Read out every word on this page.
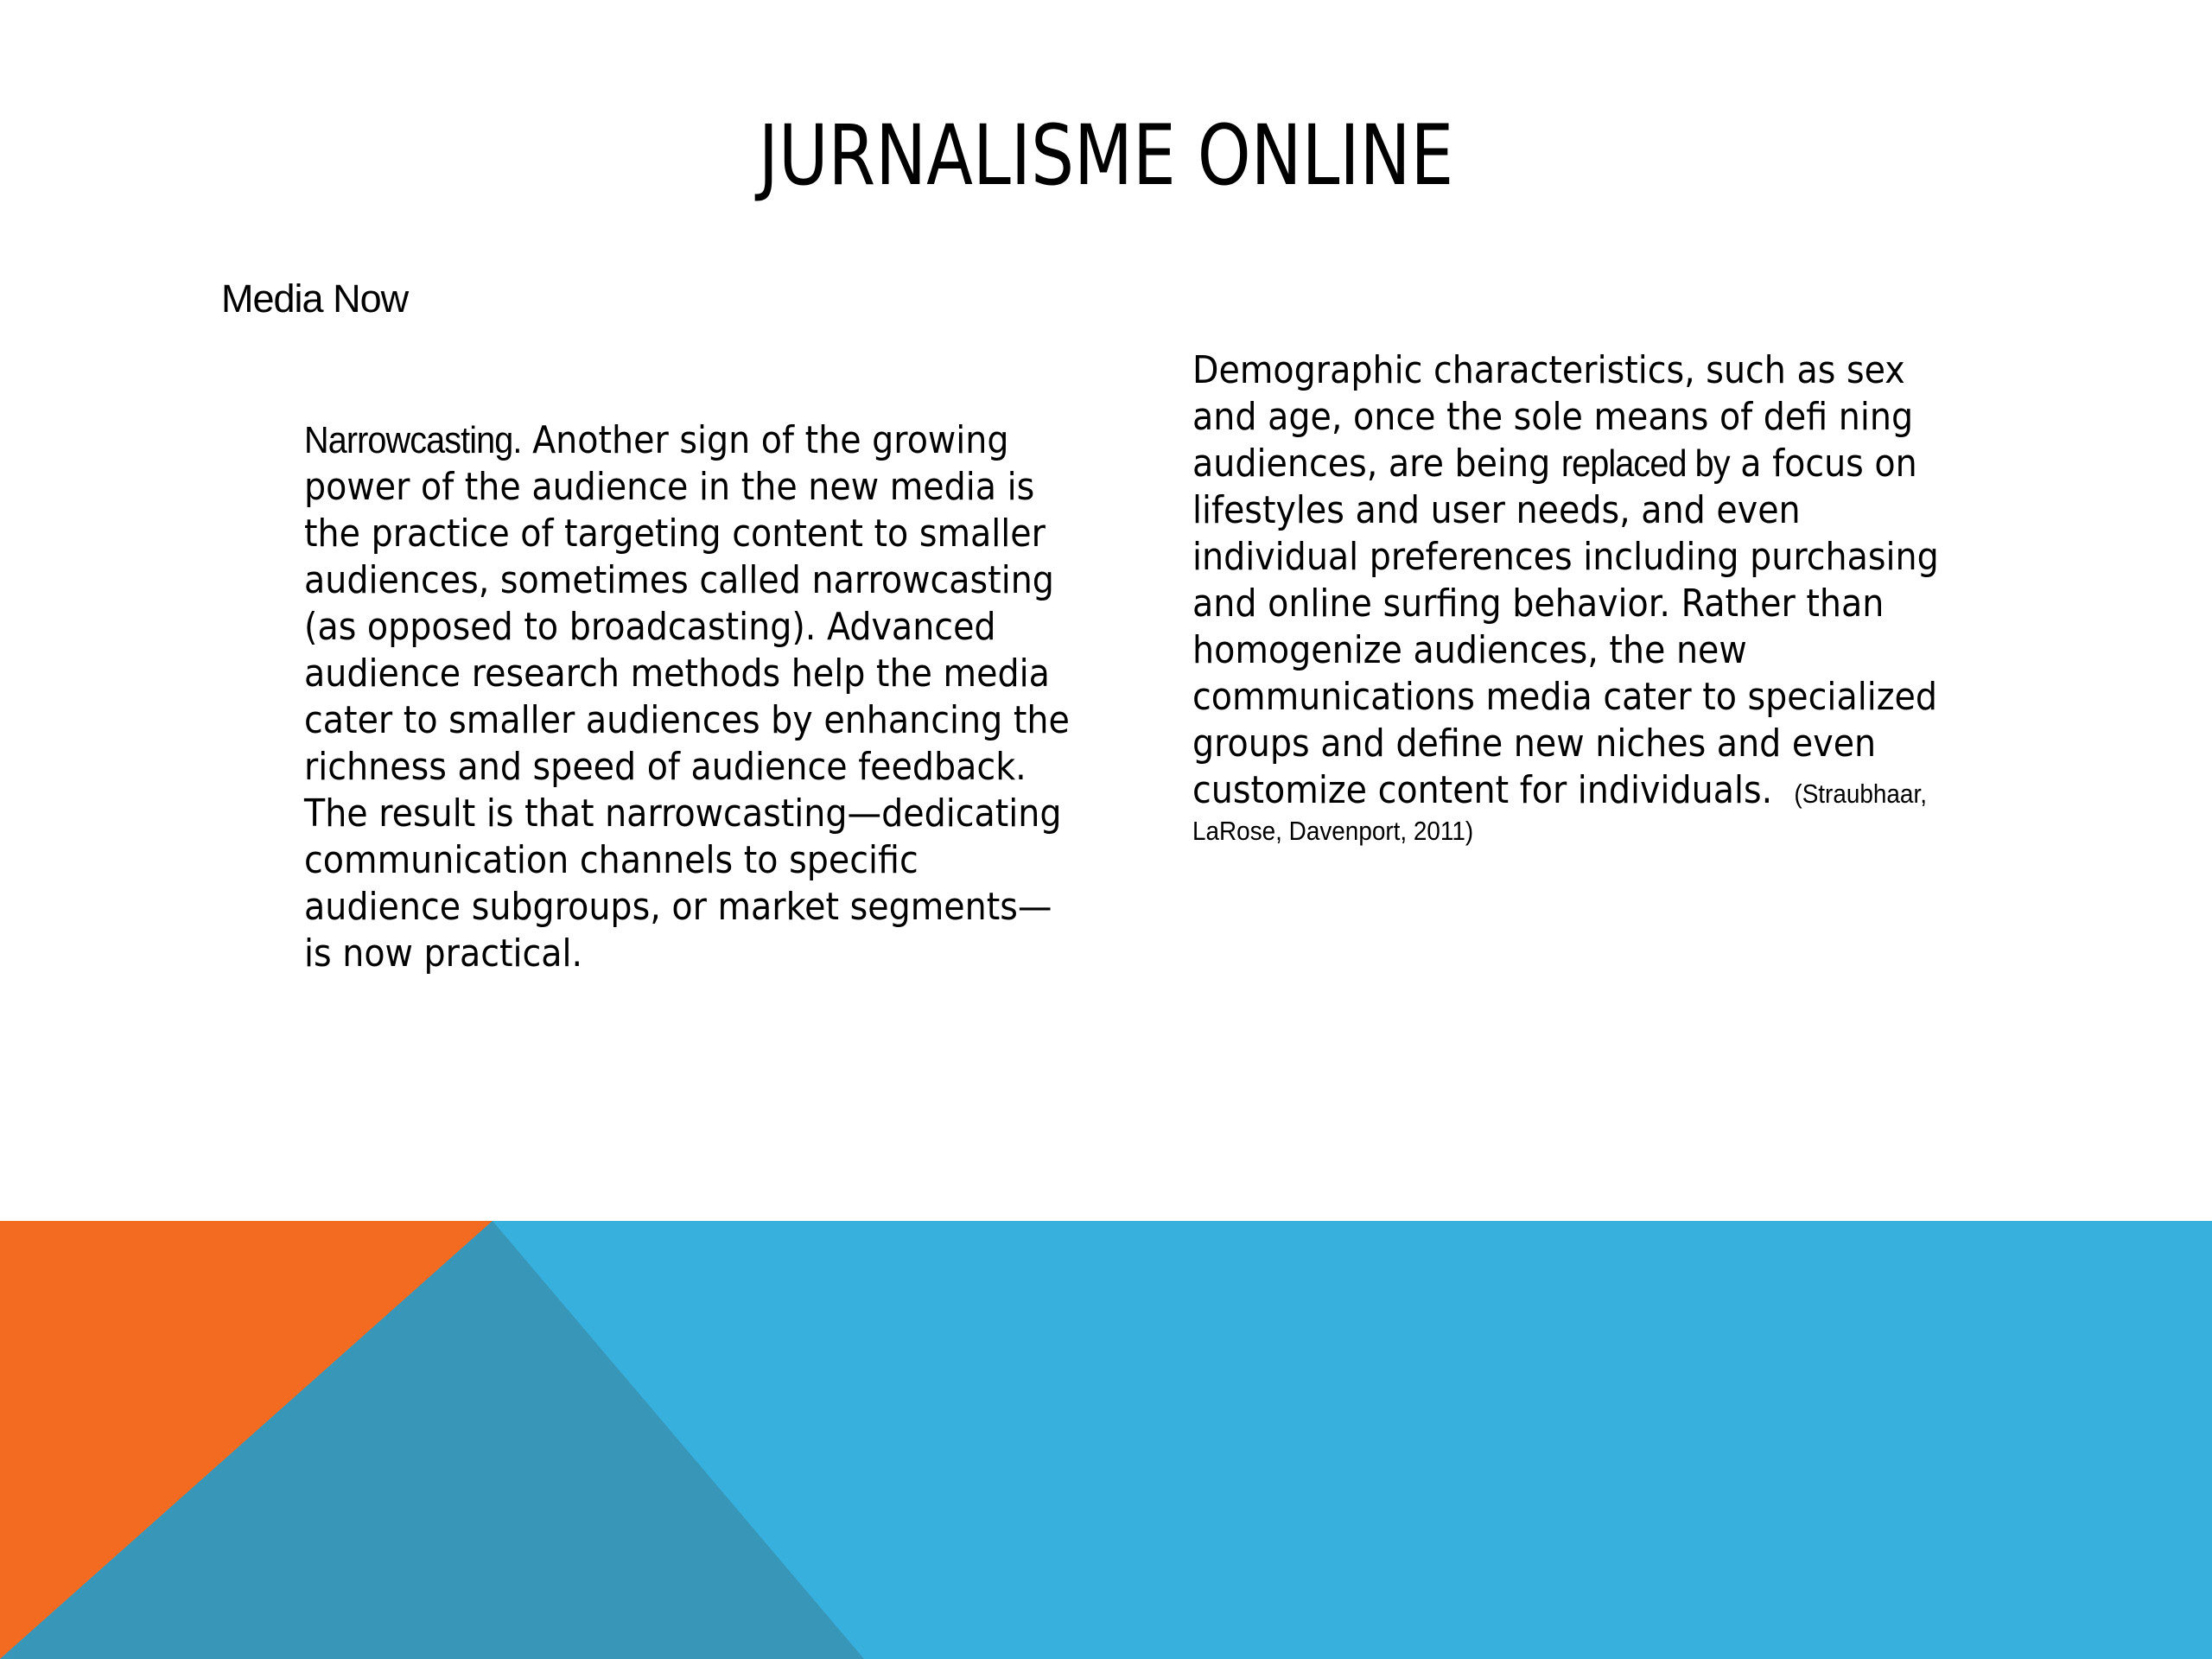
JURNALISME ONLINE
Media Now
Narrowcasting. Another sign of the growing
power of the audience in the new media is
the practice of targeting content to smaller
audiences, sometimes called narrowcasting
(as opposed to broadcasting). Advanced
audience research methods help the media
cater to smaller audiences by enhancing the
richness and speed of audience feedback.
The result is that narrowcasting—dedicating
communication channels to specific
audience subgroups, or market segments—
is now practical.
Demographic characteristics, such as sex
and age, once the sole means of defi ning
audiences, are being replaced by a focus on
lifestyles and user needs, and even
individual preferences including purchasing
and online surfing behavior. Rather than
homogenize audiences, the new
communications media cater to specialized
groups and define new niches and even
customize content for individuals. (Straubhaar,
LaRose, Davenport, 2011)
